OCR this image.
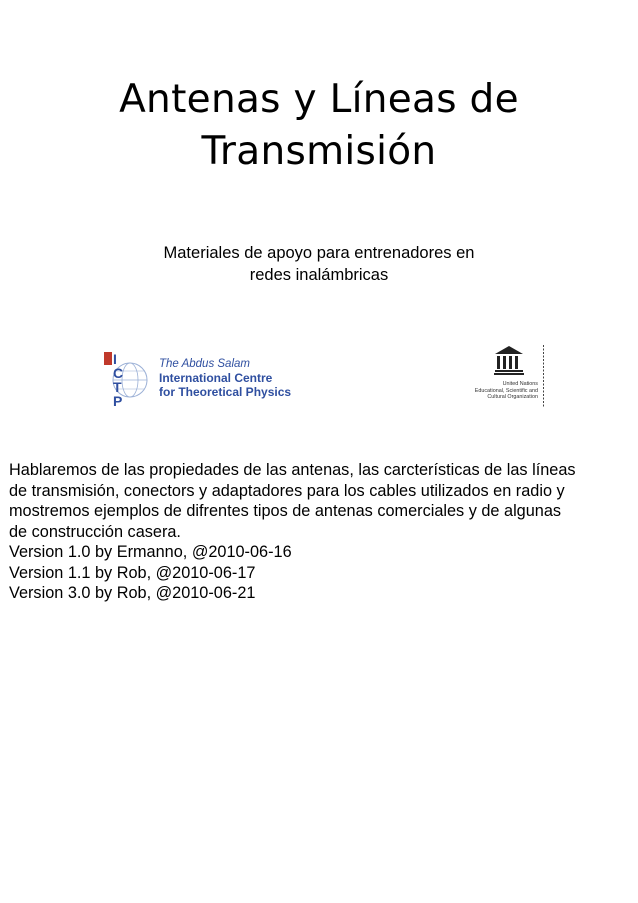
Antenas y Líneas de
Transmisión
Materiales de apoyo para entrenadores en
redes inalámbricas
I
C
T
P
The Abdus Salam
International Centre
for Theoretical Physics
United Nations
Educational, Scientific and
Cultural Organization
Hablaremos de las propiedades de las antenas, las carcterísticas de las líneas
de transmisión, conectors y adaptadores para los cables utilizados en radio y
mostremos ejemplos de difrentes tipos de antenas comerciales y de algunas
de construcción casera.
Version 1.0 by Ermanno, @2010-06-16
Version 1.1 by Rob, @2010-06-17
Version 3.0 by Rob, @2010-06-21
